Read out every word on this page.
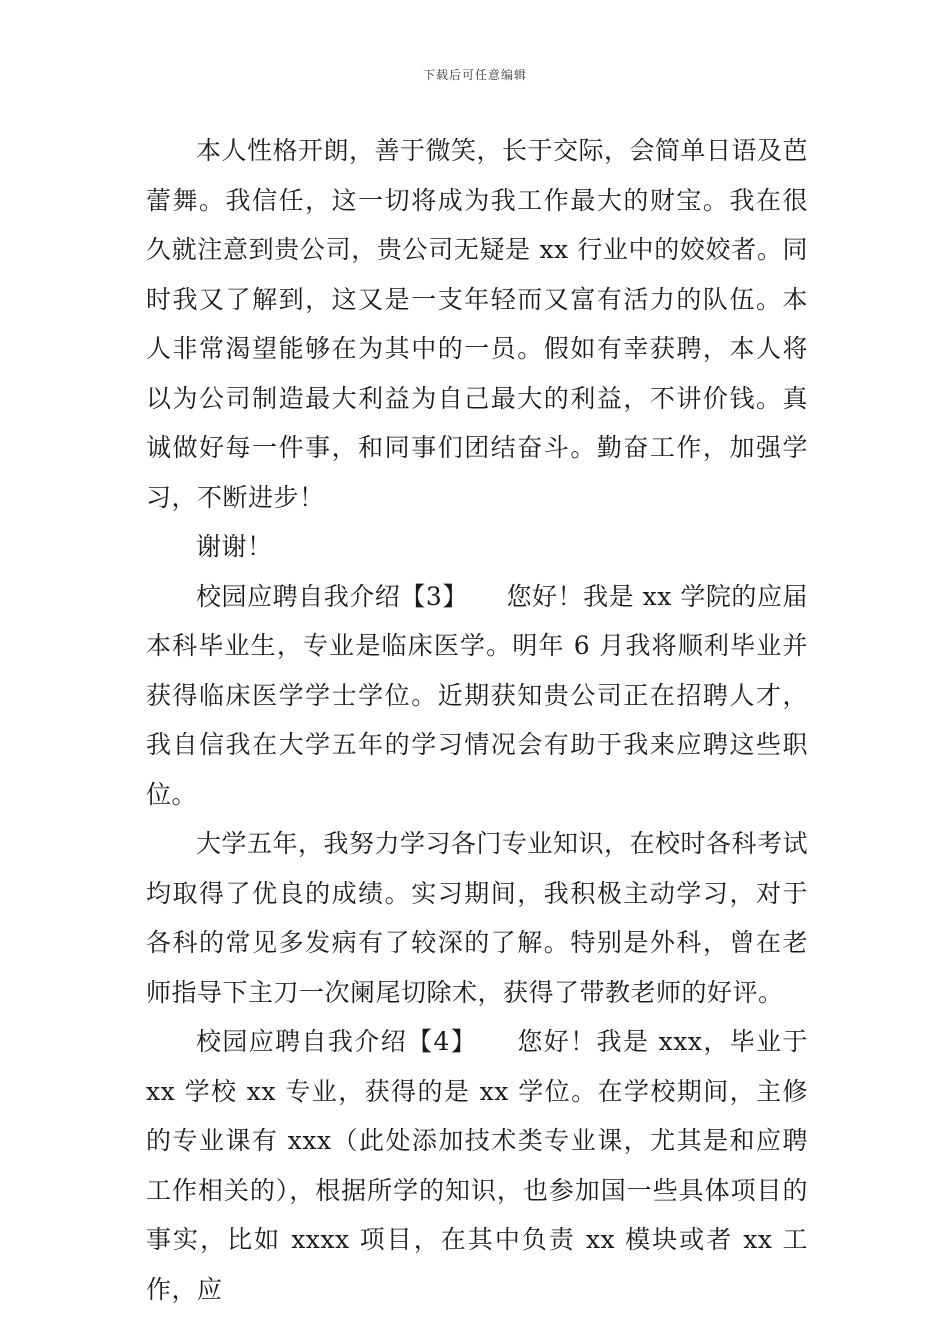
下载后可任意编辑

本人性格开朗，善于微笑，长于交际，会简单日语及芭蕾舞。我信任，这一切将成为我工作最大的财宝。我在很久就注意到贵公司，贵公司无疑是 xx 行业中的姣姣者。同时我又了解到，这又是一支年轻而又富有活力的队伍。本人非常渴望能够在为其中的一员。假如有幸获聘，本人将以为公司制造最大利益为自己最大的利益，不讲价钱。真诚做好每一件事，和同事们团结奋斗。勤奋工作，加强学习，不断进步！

谢谢！

校园应聘自我介绍【3】　　您好！我是 xx 学院的应届本科毕业生，专业是临床医学。明年 6 月我将顺利毕业并获得临床医学学士学位。近期获知贵公司正在招聘人才，我自信我在大学五年的学习情况会有助于我来应聘这些职位。

大学五年，我努力学习各门专业知识，在校时各科考试均取得了优良的成绩。实习期间，我积极主动学习，对于各科的常见多发病有了较深的了解。特别是外科，曾在老师指导下主刀一次阑尾切除术，获得了带教老师的好评。

校园应聘自我介绍【4】　　您好！我是 xxx，毕业于 xx 学校 xx 专业，获得的是 xx 学位。在学校期间，主修的专业课有 xxx（此处添加技术类专业课，尤其是和应聘工作相关的），根据所学的知识，也参加国一些具体项目的事实，比如 xxxx 项目，在其中负责 xx 模块或者 xx 工作，应
